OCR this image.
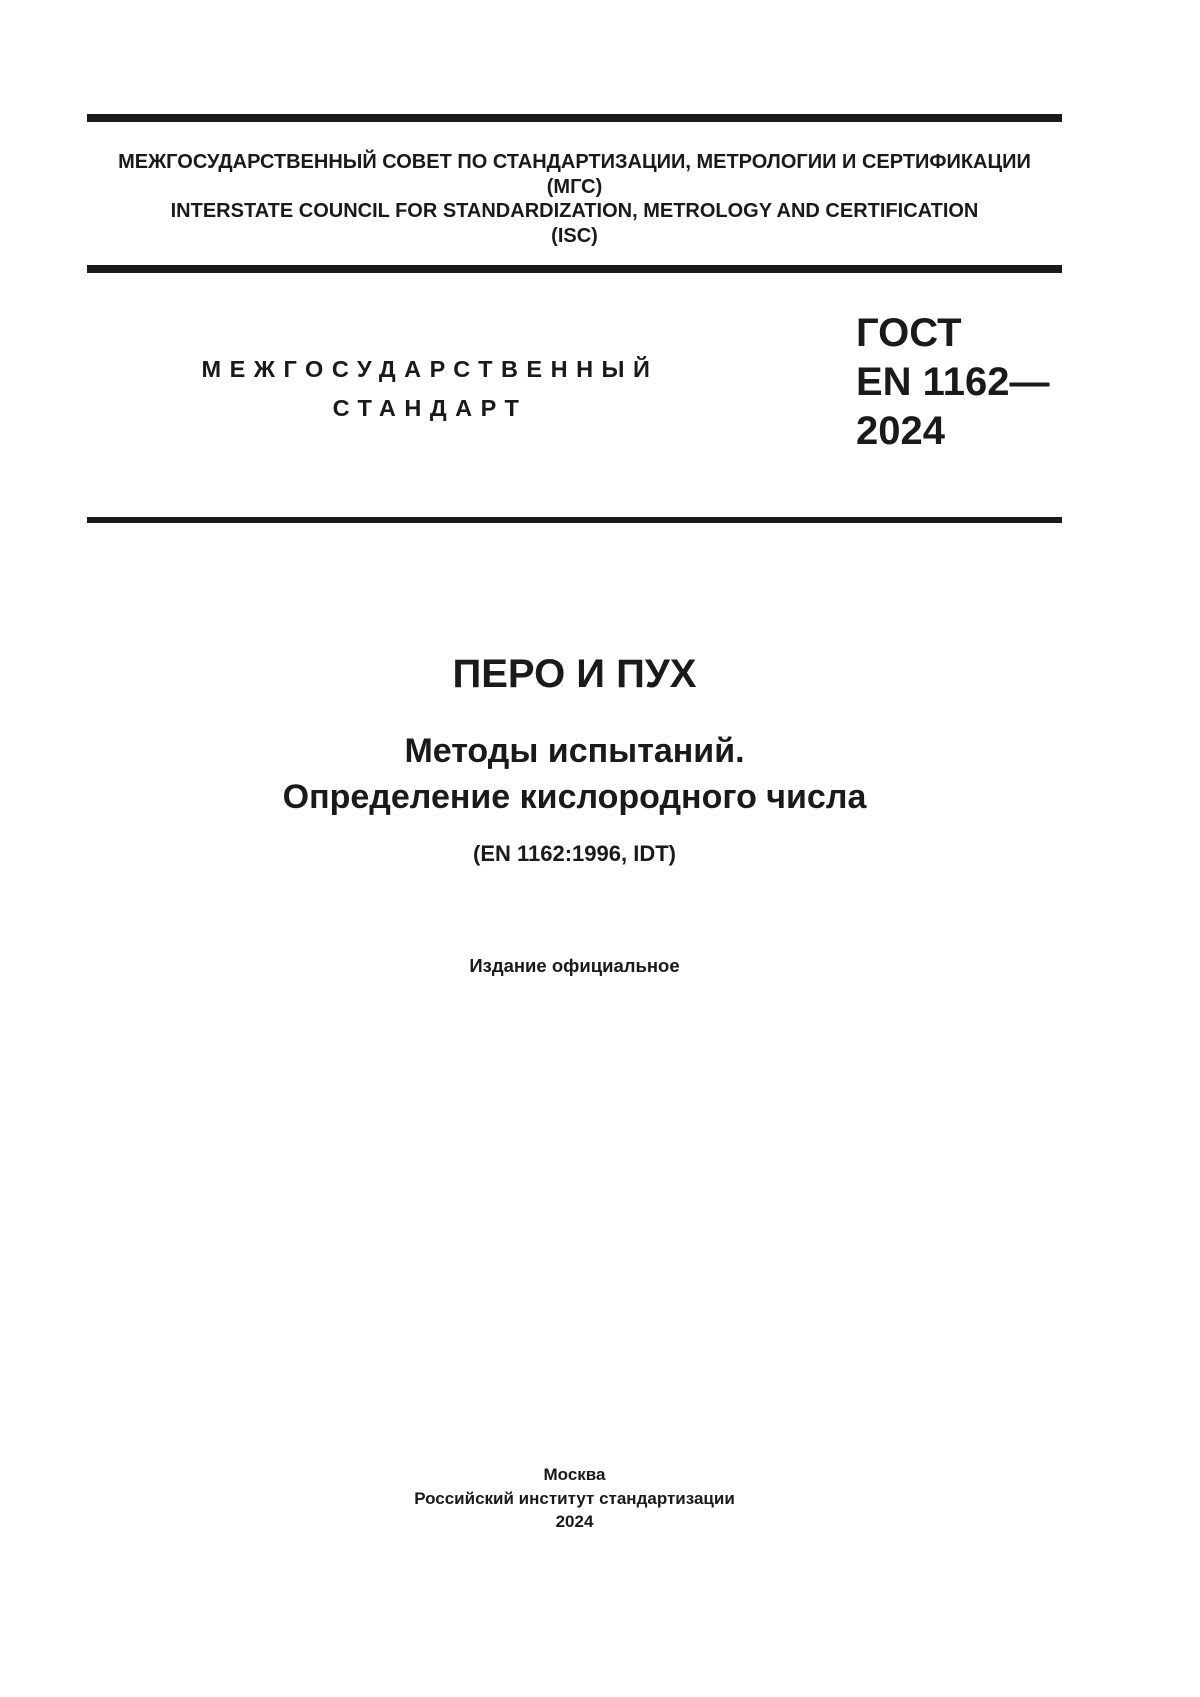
МЕЖГОСУДАРСТВЕННЫЙ СОВЕТ ПО СТАНДАРТИЗАЦИИ, МЕТРОЛОГИИ И СЕРТИФИКАЦИИ
(МГС)
INTERSTATE COUNCIL FOR STANDARDIZATION, METROLOGY AND CERTIFICATION
(ISC)
МЕЖГОСУДАРСТВЕННЫЙ
СТАНДАРТ
ГОСТ
EN 1162—
2024
ПЕРО И ПУХ
Методы испытаний.
Определение кислородного числа
(EN 1162:1996, IDT)
Издание официальное
Москва
Российский институт стандартизации
2024
